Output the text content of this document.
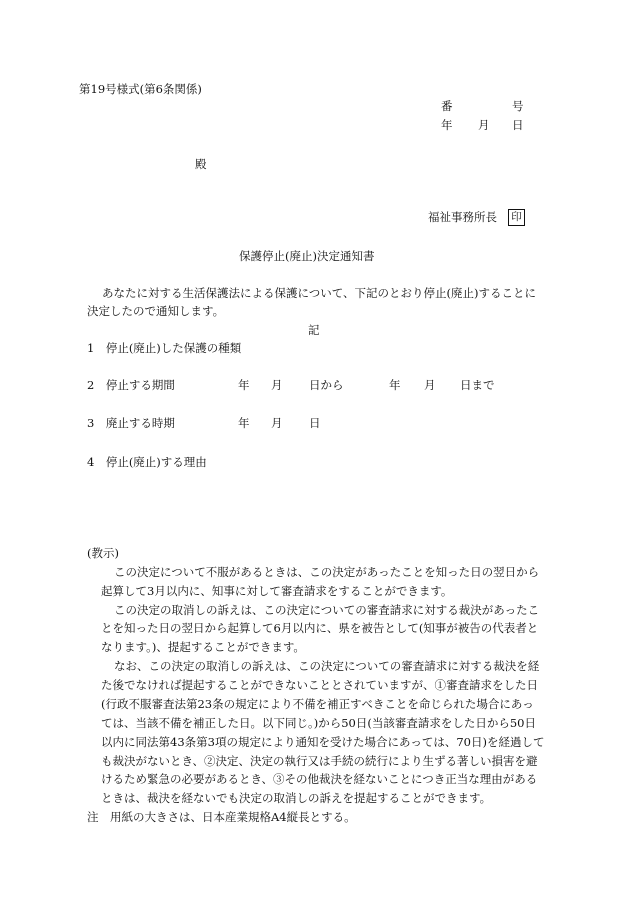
第19号様式(第6条関係)

番	号

年 月 日

殿

福祉事務所長	印

保護停止(廃止)決定通知書

あなたに対する生活保護法による保護について、下記のとおり停止(廃止)することに

決定したので通知します。

記

1　停止(廃止)した保護の種類

2　停止する期間	年 月 日から	年 月 日まで

3　廃止する時期	年 月 日

4　停止(廃止)する理由

(教示)

この決定について不服があるときは、この決定があったことを知った日の翌日から

起算して3月以内に、知事に対して審査請求をすることができます。

この決定の取消しの訴えは、この決定についての審査請求に対する裁決があったこ

とを知った日の翌日から起算して6月以内に、県を被告として(知事が被告の代表者と

なります。)、提起することができます。

なお、この決定の取消しの訴えは、この決定についての審査請求に対する裁決を経

た後でなければ提起することができないこととされていますが、①審査請求をした日

(行政不服審査法第23条の規定により不備を補正すべきことを命じられた場合にあっ

ては、当該不備を補正した日。以下同じ。)から50日(当該審査請求をした日から50日

以内に同法第43条第3項の規定により通知を受けた場合にあっては、70日)を経過して

も裁決がないとき、②決定、決定の執行又は手続の続行により生ずる著しい損害を避

けるため緊急の必要があるとき、③その他裁決を経ないことにつき正当な理由がある

ときは、裁決を経ないでも決定の取消しの訴えを提起することができます。

注　用紙の大きさは、日本産業規格A4縦長とする。
